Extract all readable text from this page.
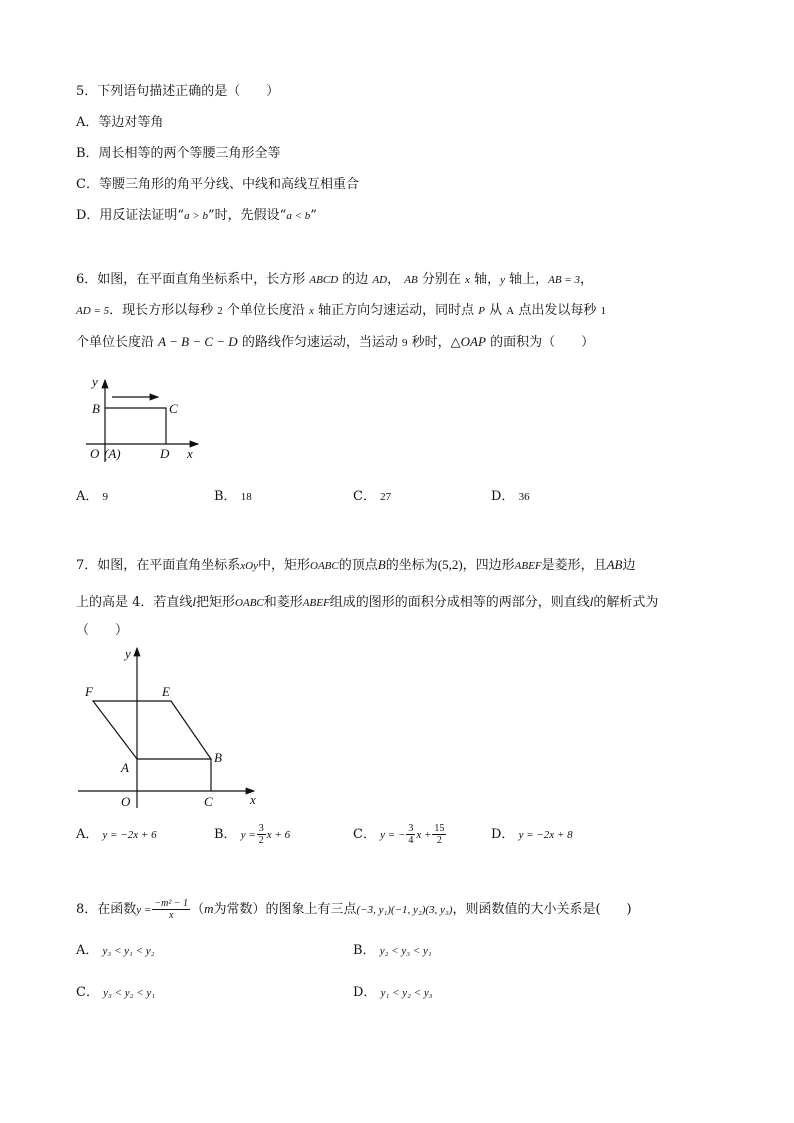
5．下列语句描述正确的是（　　）
A．等边对等角
B．周长相等的两个等腰三角形全等
C．等腰三角形的角平分线、中线和高线互相重合
D．用反证法证明“a > b”时，先假设“a < b”
6．如图，在平面直角坐标系中，长方形 ABCD 的边 AD， AB 分别在 x 轴，y 轴上，AB = 3，
AD = 5．现长方形以每秒 2 个单位长度沿 x 轴正方向匀速运动，同时点 P 从 A 点出发以每秒 1
个单位长度沿 A − B − C − D 的路线作匀速运动，当运动 9 秒时，△OAP 的面积为（　　）
y
B	C
O (A)	D x
A． 9	B． 18	C． 27	D． 36
7．如图，在平面直角坐标系xOy中，矩形OABC的顶点B的坐标为(5,2)，四边形ABEF是菱形，且AB边
上的高是 4．若直线l把矩形OABC和菱形ABEF组成的图形的面积分成相等的两部分，则直线l的解析式为
（　　）
y
F	E
A
B
O	C	x
A． y = −2x + 6	B． $y = \frac{3}{2}$ x + 6	C． y = − $\frac{3}{4}$ $x + \frac{15}{2}$	D． y = −2x + 8
8．在函数$y = \frac{\text{−m² − 1}}{x} (m$为常数）的图象上有三点(−3, y₁)(−1, y₂)(3, y₃)，则函数值的大小关系是(　　)
A． y₃ < y₁ < y₂	B． y₂ < y₃ < y₁
C． y₃ < y₂ < y₁	D． y₁ < y₂ < y₃
